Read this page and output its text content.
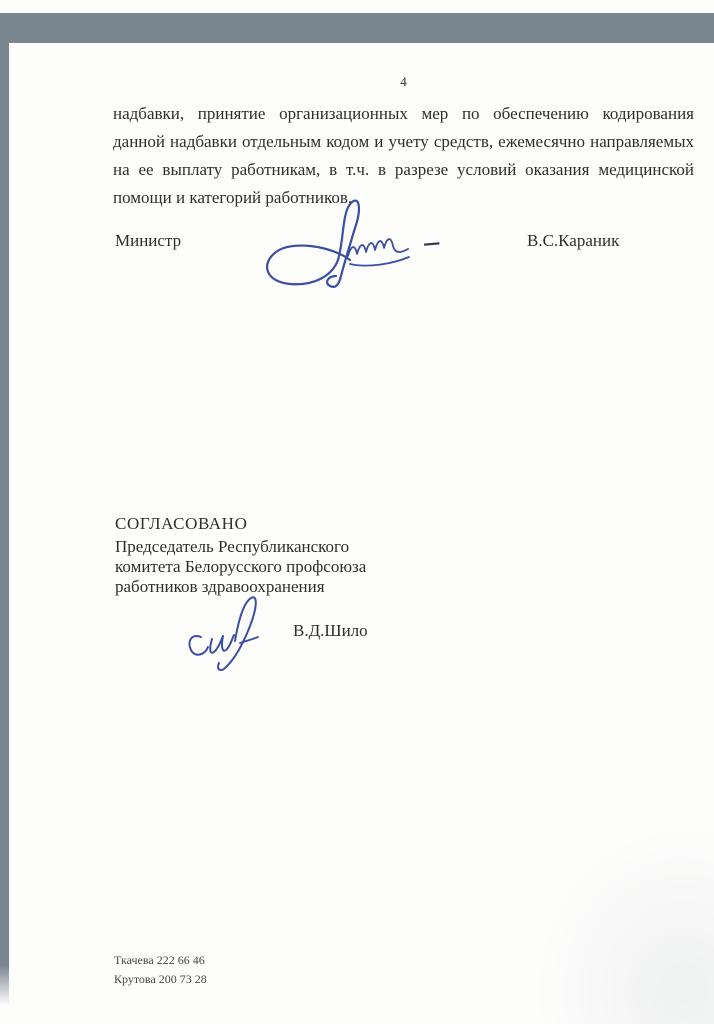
4
надбавки, принятие организационных мер по обеспечению кодирования
данной надбавки отдельным кодом и учету средств, ежемесячно направляемых
на ее выплату работникам, в т.ч. в разрезе условий оказания медицинской
помощи и категорий работников.
Министр	–	В.С.Караник
СОГЛАСОВАНО
Председатель Республиканского
комитета Белорусского профсоюза
работников здравоохранения
В.Д.Шило
Ткачева 222 66 46
Крутова 200 73 28
